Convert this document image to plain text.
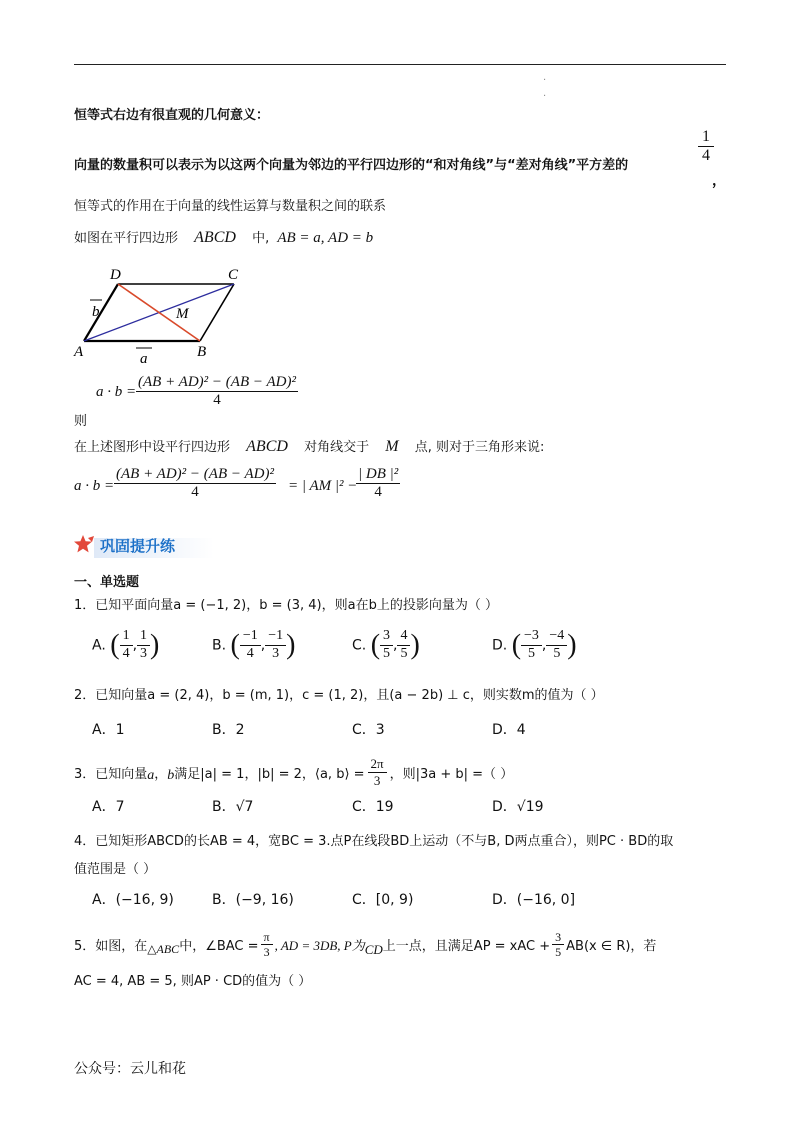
.
.
恒等式右边有很直观的几何意义：
向量的数量积可以表示为以这两个向量为邻边的平行四边形的“和对角线”与“差对角线”平方差的
$\frac{1}{4}$
，
恒等式的作用在于向量的线性运算与数量积之间的联系
如图在平行四边形 ABCD 中, AB = a, AD = b
A	B
C
D
M
a
b
$a \cdot b = \frac{\text{(AB + AD)² − (AB − AD)²}}{4}$
则
在上述图形中设平行四边形 ABCD 对角线交于 M 点, 则对于三角形来说:
$a \cdot b = \frac{\text{(AB + AD)² − (AB − AD)²}}{4}$ = | AM |² −
$\frac{\text{| DB |²}}{4}$
巩固提升练
一、单选题
1．已知平面向量a = (−1, 2)，b = (3, 4)，则a在b上的投影向量为（ ）
A. ( $\frac{1}{4}$ , $\frac{1}{3}$ )	B. ( $\frac{-1}{4}$ , $\frac{-1}{3}$ )	C. ( $\frac{3}{5}$ , $\frac{4}{5}$ )	D. ( $\frac{-3}{5}$ , $\frac{-4}{5}$ )
2．已知向量a = (2, 4)，b = (m, 1)，c = (1, 2)，且(a − 2b) ⊥ c，则实数m的值为（ ）
A．1	B．2	C．3	D．4
3．已知向量 a ， b 满足|a| = 1，|b| = 2，⟨a, b⟩ = $\frac{2\pi}{3}$ ，则|3a + b| =（ ）
A．7	B．√7	C．19	D．√19
4．已知矩形ABCD的长AB = 4，宽BC = 3.点P在线段BD上运动（不与B, D两点重合），则PC · BD的取
值范围是（ ）
A．(−16, 9)	B．(−9, 16)	C．[0, 9)	D．(−16, 0]
5．如图，在 △ABC 中，∠BAC = $\frac{\pi}{3}$ , AD = 3DB, P为 CD 上一点，且满足AP = xAC + $\frac{3}{5} AB(x$ ∈ R)，若
AC = 4, AB = 5, 则AP · CD的值为（ ）
公众号：云儿和花
